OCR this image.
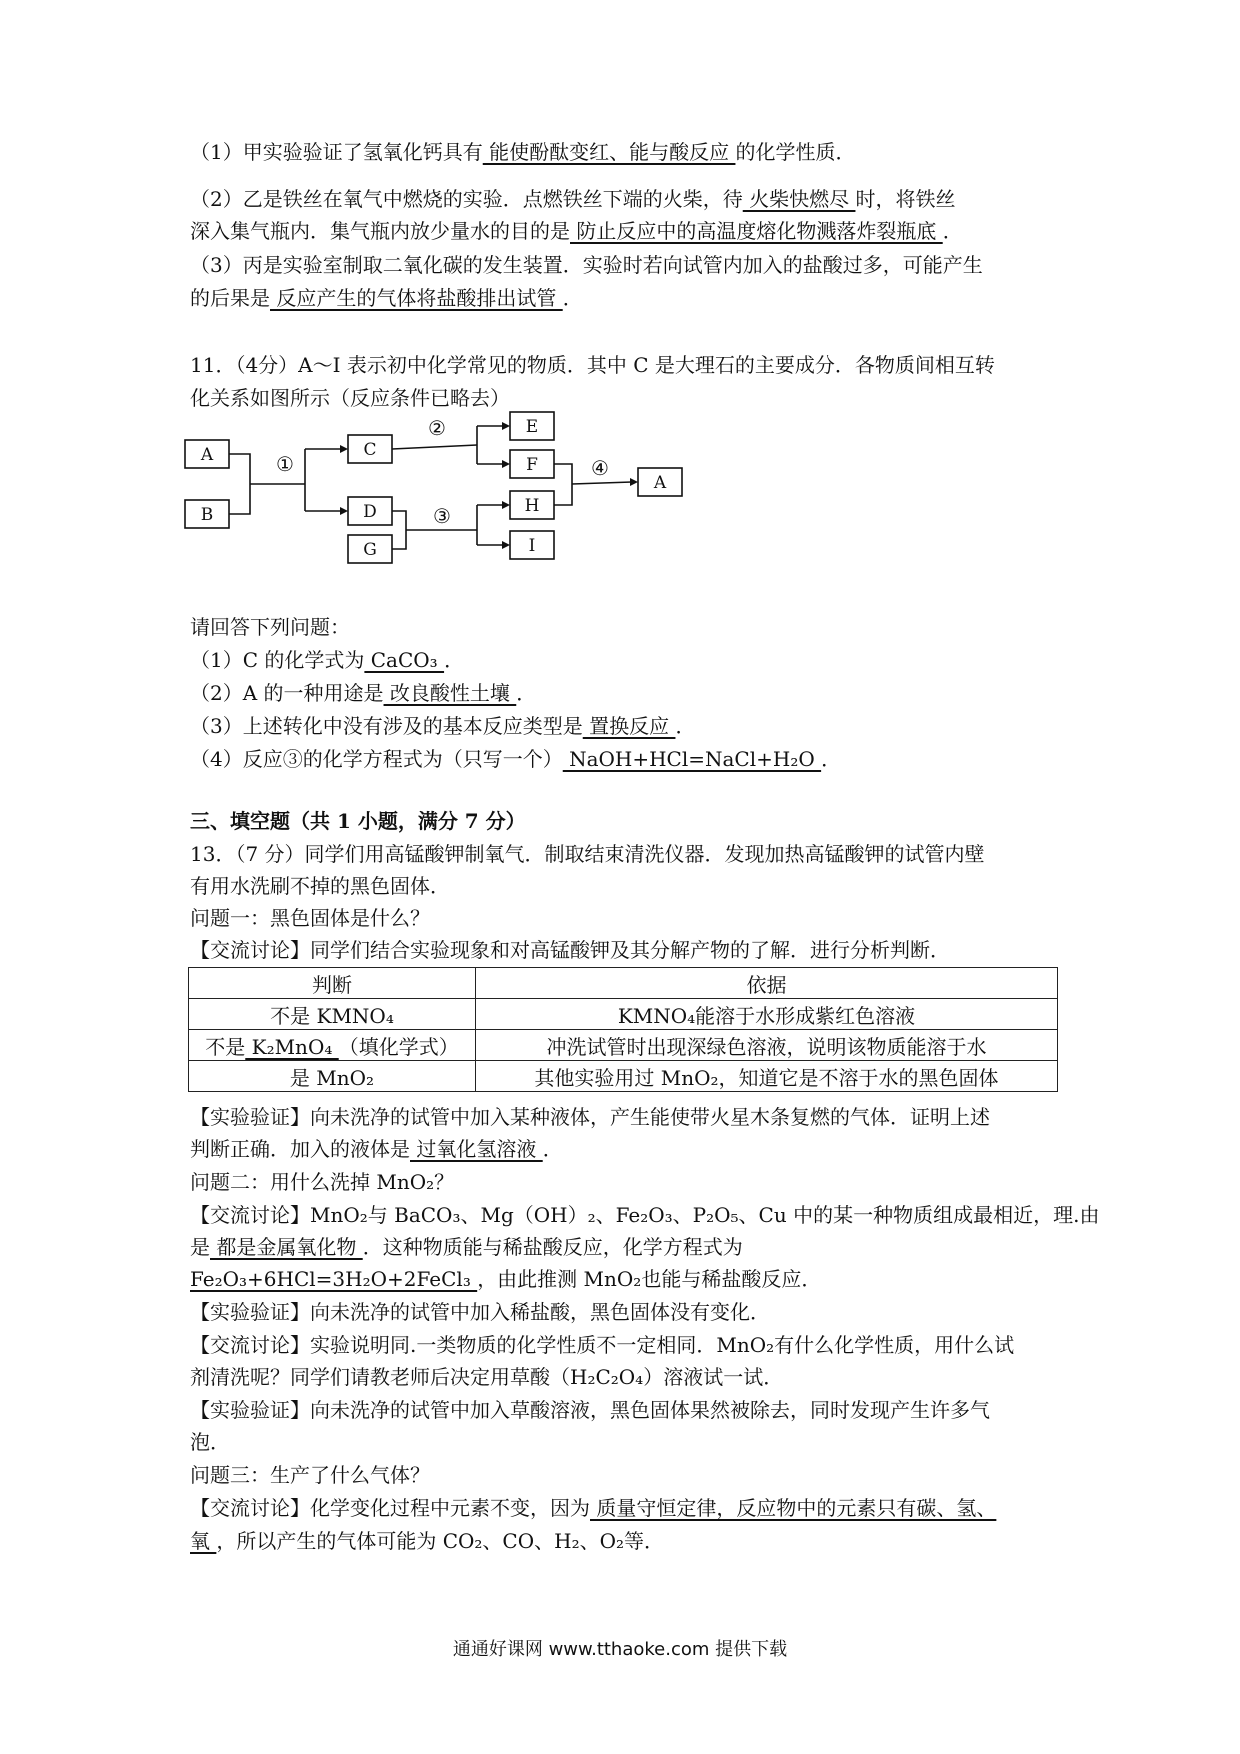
（1）甲实验验证了氢氧化钙具有 能使酚酞变红、能与酸反应 的化学性质．
（2）乙是铁丝在氧气中燃烧的实验．点燃铁丝下端的火柴，待 火柴快燃尽 时，将铁丝
深入集气瓶内．集气瓶内放少量水的目的是 防止反应中的高温度熔化物溅落炸裂瓶底 ．
（3）丙是实验室制取二氧化碳的发生装置．实验时若向试管内加入的盐酸过多，可能产生
的后果是 反应产生的气体将盐酸排出试管 ．
11．（4分）A～I 表示初中化学常见的物质．其中 C 是大理石的主要成分．各物质间相互转
化关系如图所示（反应条件已略去）
A
B
C
D
G
E
F
H
I
A
①
②
③
④
请回答下列问题：
（1）C 的化学式为 CaCO₃ ．
（2）A 的一种用途是 改良酸性土壤 ．
（3）上述转化中没有涉及的基本反应类型是 置换反应 ．
（4）反应③的化学方程式为（只写一个） NaOH+HCl=NaCl+H₂O ．
三、填空题（共 1 小题，满分 7 分）
13．（7 分）同学们用高锰酸钾制氧气．制取结束清洗仪器．发现加热高锰酸钾的试管内壁
有用水洗刷不掉的黑色固体．
问题一：黑色固体是什么？
【交流讨论】同学们结合实验现象和对高锰酸钾及其分解产物的了解．进行分析判断．
判断	依据
不是 KMNO₄	KMNO₄能溶于水形成紫红色溶液
不是 K₂MnO₄ （填化学式）	冲洗试管时出现深绿色溶液，说明该物质能溶于水
是 MnO₂	其他实验用过 MnO₂，知道它是不溶于水的黑色固体
【实验验证】向未洗净的试管中加入某种液体，产生能使带火星木条复燃的气体．证明上述
判断正确．加入的液体是 过氧化氢溶液 ．
问题二：用什么洗掉 MnO₂？
【交流讨论】MnO₂与 BaCO₃、Mg（OH）₂、Fe₂O₃、P₂O₅、Cu 中的某一种物质组成最相近，理.由
是 都是金属氧化物 ．这种物质能与稀盐酸反应，化学方程式为
Fe₂O₃+6HCl=3H₂O+2FeCl₃ ，由此推测 MnO₂也能与稀盐酸反应．
【实验验证】向未洗净的试管中加入稀盐酸，黑色固体没有变化．
【交流讨论】实验说明同.一类物质的化学性质不一定相同．MnO₂有什么化学性质，用什么试
剂清洗呢？同学们请教老师后决定用草酸（H₂C₂O₄）溶液试一试．
【实验验证】向未洗净的试管中加入草酸溶液，黑色固体果然被除去，同时发现产生许多气
泡．
问题三：生产了什么气体？
【交流讨论】化学变化过程中元素不变，因为 质量守恒定律，反应物中的元素只有碳、氢、
氧 ，所以产生的气体可能为 CO₂、CO、H₂、O₂等．
通通好课网 www.tthaoke.com 提供下载
